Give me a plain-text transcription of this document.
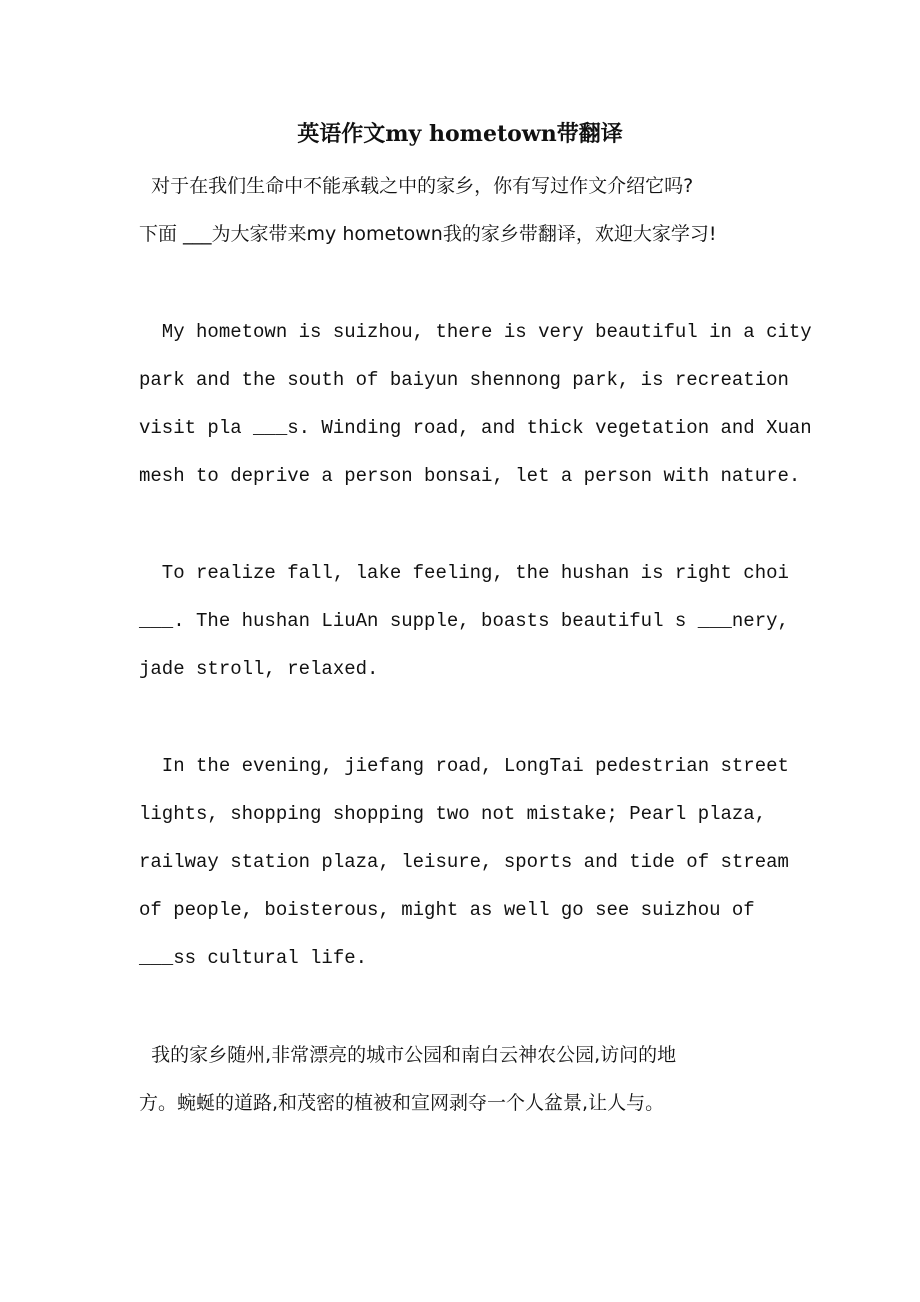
英语作文my hometown带翻译
对于在我们生命中不能承载之中的家乡，你有写过作文介绍它吗?
下面 ___为大家带来my hometown我的家乡带翻译，欢迎大家学习!
My hometown is suizhou, there is very beautiful in a city
park and the south of baiyun shennong park, is recreation
visit pla ___s. Winding road, and thick vegetation and Xuan
mesh to deprive a person bonsai, let a person with nature.
To realize fall, lake feeling, the hushan is right choi
___. The hushan LiuAn supple, boasts beautiful s ___nery,
jade stroll, relaxed.
In the evening, jiefang road, LongTai pedestrian street
lights, shopping shopping two not mistake; Pearl plaza,
railway station plaza, leisure, sports and tide of stream
of people, boisterous, might as well go see suizhou of
___ss cultural life.
我的家乡随州,非常漂亮的城市公园和南白云神农公园,访问的地
方。蜿蜒的道路,和茂密的植被和宣网剥夺一个人盆景,让人与。
